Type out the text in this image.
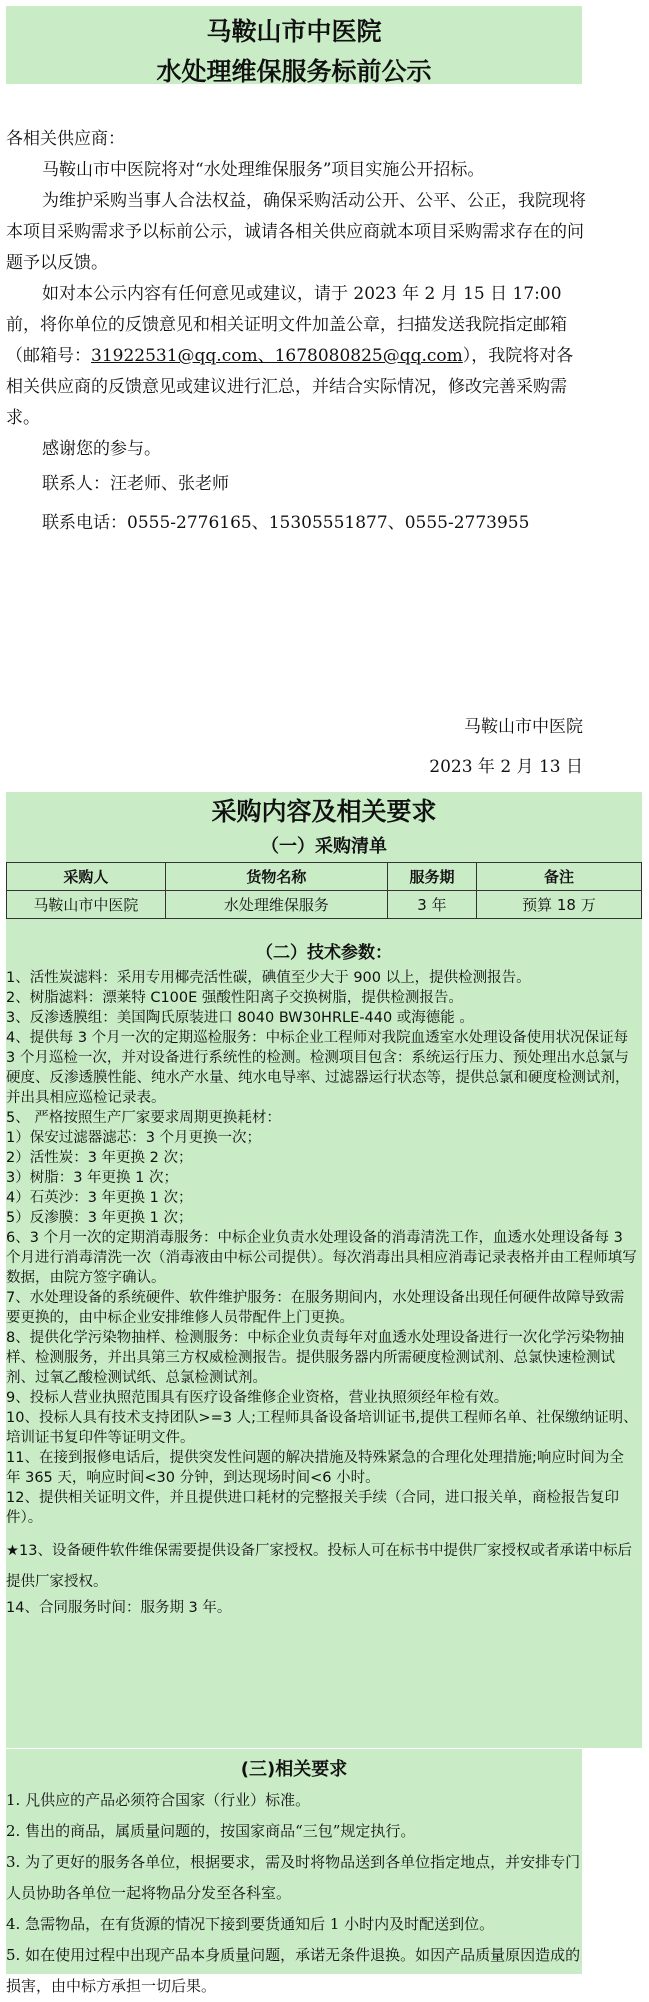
马鞍山市中医院
水处理维保服务标前公示

各相关供应商：

马鞍山市中医院将对“水处理维保服务”项目实施公开招标。

为维护采购当事人合法权益，确保采购活动公开、公平、公正，我院现将本项目采购需求予以标前公示，诚请各相关供应商就本项目采购需求存在的问题予以反馈。

如对本公示内容有任何意见或建议，请于 2023 年 2 月 15 日 17:00 前，将你单位的反馈意见和相关证明文件加盖公章，扫描发送我院指定邮箱（邮箱号：31922531@qq.com、1678080825@qq.com），我院将对各相关供应商的反馈意见或建议进行汇总，并结合实际情况，修改完善采购需求。

感谢您的参与。

联系人：汪老师、张老师

联系电话：0555-2776165、15305551877、0555-2773955

马鞍山市中医院
2023 年 2 月 13 日
采购内容及相关要求
（一）采购清单
采购人	货物名称	服务期	备注
马鞍山市中医院	水处理维保服务	3 年	预算 18 万
（二）技术参数：

1、活性炭滤料：采用专用椰壳活性碳，碘值至少大于 900 以上，提供检测报告。

2、树脂滤料：漂莱特 C100E 强酸性阳离子交换树脂，提供检测报告。

3、反渗透膜组：美国陶氏原装进口 8040 BW30HRLE-440 或海德能 。

4、提供每 3 个月一次的定期巡检服务：中标企业工程师对我院血透室水处理设备使用状况保证每 3 个月巡检一次，并对设备进行系统性的检测。检测项目包含：系统运行压力、预处理出水总氯与硬度、反渗透膜性能、纯水产水量、纯水电导率、过滤器运行状态等，提供总氯和硬度检测试剂，并出具相应巡检记录表。

5、 严格按照生产厂家要求周期更换耗材：

1）保安过滤器滤芯：3 个月更换一次；

2）活性炭：3 年更换 2 次；

3）树脂：3 年更换 1 次；

4）石英沙：3 年更换 1 次；

5）反渗膜：3 年更换 1 次；

6、3 个月一次的定期消毒服务：中标企业负责水处理设备的消毒清洗工作，血透水处理设备每 3 个月进行消毒清洗一次（消毒液由中标公司提供）。每次消毒出具相应消毒记录表格并由工程师填写数据，由院方签字确认。

7、水处理设备的系统硬件、软件维护服务：在服务期间内，水处理设备出现任何硬件故障导致需要更换的，由中标企业安排维修人员带配件上门更换。

8、提供化学污染物抽样、检测服务：中标企业负责每年对血透水处理设备进行一次化学污染物抽样、检测服务，并出具第三方权威检测报告。提供服务器内所需硬度检测试剂、总氯快速检测试剂、过氧乙酸检测试纸、总氯检测试剂。

9、投标人营业执照范围具有医疗设备维修企业资格，营业执照须经年检有效。

10、投标人具有技术支持团队>=3 人;工程师具备设备培训证书,提供工程师名单、社保缴纳证明、培训证书复印件等证明文件。

11、在接到报修电话后，提供突发性问题的解决措施及特殊紧急的合理化处理措施;响应时间为全年 365 天，响应时间<30 分钟，到达现场时间<6 小时。

12、提供相关证明文件，并且提供进口耗材的完整报关手续（合同，进口报关单，商检报告复印件）。

★13、设备硬件软件维保需要提供设备厂家授权。投标人可在标书中提供厂家授权或者承诺中标后提供厂家授权。

14、合同服务时间：服务期 3 年。

(三)相关要求

1. 凡供应的产品必须符合国家（行业）标准。

2. 售出的商品，属质量问题的，按国家商品“三包”规定执行。

3. 为了更好的服务各单位，根据要求，需及时将物品送到各单位指定地点，并安排专门人员协助各单位一起将物品分发至各科室。

4. 急需物品，在有货源的情况下接到要货通知后 1 小时内及时配送到位。

5. 如在使用过程中出现产品本身质量问题，承诺无条件退换。如因产品质量原因造成的损害，由中标方承担一切后果。
